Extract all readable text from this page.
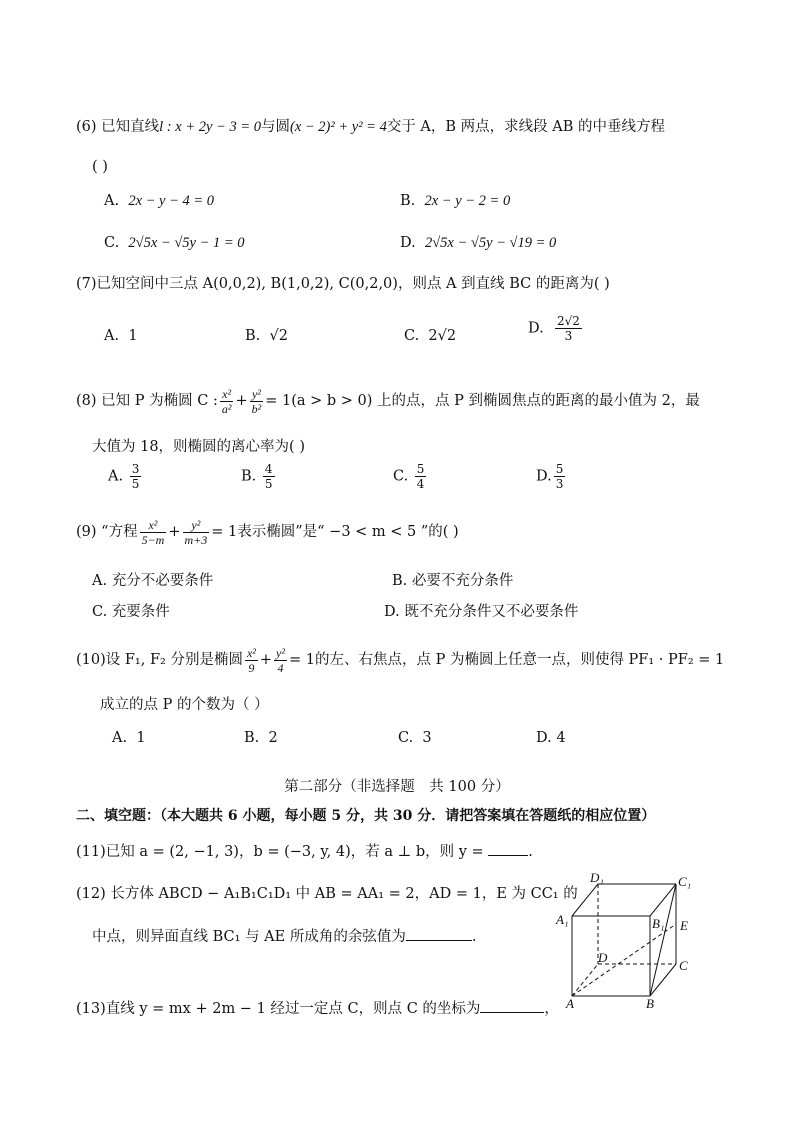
(6) 已知直线l : x + 2y − 3 = 0与圆(x − 2)² + y² = 4交于 A，B 两点，求线段 AB 的中垂线方程
( )
A. 2x − y − 4 = 0	B. 2x − y − 2 = 0
C. 2√5x − √5y − 1 = 0	D. 2√5x − √5y − √19 = 0
(7)已知空间中三点 A(0,0,2), B(1,0,2), C(0,2,0)，则点 A 到直线 BC 的距离为( )
A. 1	B. √2	C. 2√2	D. $\frac{2√2}{3}$
(8) 已知 P 为椭圆 C : $\frac{\text{x²}}{\text{a²}} + \frac{\text{y²}}{\text{b²}} = 1(a > b > 0)$ 上的点，点 P 到椭圆焦点的距离的最小值为 2，最
大值为 18，则椭圆的离心率为( )
A. $\frac{3}{5}$	B. $\frac{4}{5}$	C. $\frac{5}{4}$	D. $\frac{5}{3}$
(9) “方程 $\frac{\text{x²}}{5-m} + \frac{\text{y²}}{m+3} = 1$表示椭圆”是“ −3 < m < 5 ”的( )
A. 充分不必要条件	B. 必要不充分条件
C. 充要条件	D. 既不充分条件又不必要条件
(10)设 F₁, F₂ 分别是椭圆 $\frac{\text{x²}}{9} + \frac{\text{y²}}{4} = 1$的左、右焦点，点 P 为椭圆上任意一点，则使得 PF₁ · PF₂ = 1
成立的点 P 的个数为（ ）
A. 1	B. 2	C. 3	D. 4
第二部分（非选择题　共 100 分）
二、填空题：（本大题共 6 小题，每小题 5 分，共 30 分．请把答案填在答题纸的相应位置）
(11)已知 a = (2, −1, 3)，b = (−3, y, 4)，若 a ⊥ b，则 y =	.
(12) 长方体 ABCD − A₁B₁C₁D₁ 中 AB = AA₁ = 2，AD = 1，E 为 CC₁ 的
中点，则异面直线 BC₁ 与 AE 所成角的余弦值为	.
(13)直线 y = mx + 2m − 1 经过一定点 C，则点 C 的坐标为	，
D₁	C₁
A₁	B₁ E
D
C
A	B
